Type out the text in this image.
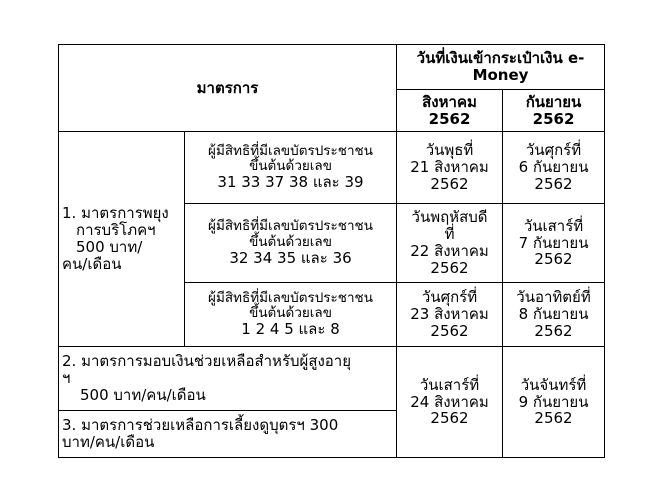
มาตรการ		วันที่เงินเข้ากระเป๋าเงิน e-Money	
		สิงหาคม 2562	กันยายน 2562

1. มาตรการพยุง
การบริโภคฯ
500 บาท/
คน/เดือน	ผู้มีสิทธิที่มีเลขบัตรประชาชน
ขึ้นต้นด้วยเลข
31 33 37 38 และ 39	วันพุธที่
21 สิงหาคม
2562	วันศุกร์ที่
6 กันยายน
2562

	ผู้มีสิทธิที่มีเลขบัตรประชาชน
ขึ้นต้นด้วยเลข
32 34 35 และ 36	วันพฤหัสบดี
ที่
22 สิงหาคม
2562	วันเสาร์ที่
7 กันยายน
2562

	ผู้มีสิทธิที่มีเลขบัตรประชาชน
ขึ้นต้นด้วยเลข
1 2 4 5 และ 8	วันศุกร์ที่
23 สิงหาคม
2562	วันอาทิตย์ที่
8 กันยายน
2562

2. มาตรการมอบเงินช่วยเหลือสำหรับผู้สูงอายุ
ฯ
500 บาท/คน/เดือน		วันเสาร์ที่
24 สิงหาคม
2562	วันจันทร์ที่
9 กันยายน
2562

3. มาตรการช่วยเหลือการเลี้ยงดูบุตรฯ 300
บาท/คน/เดือน			
